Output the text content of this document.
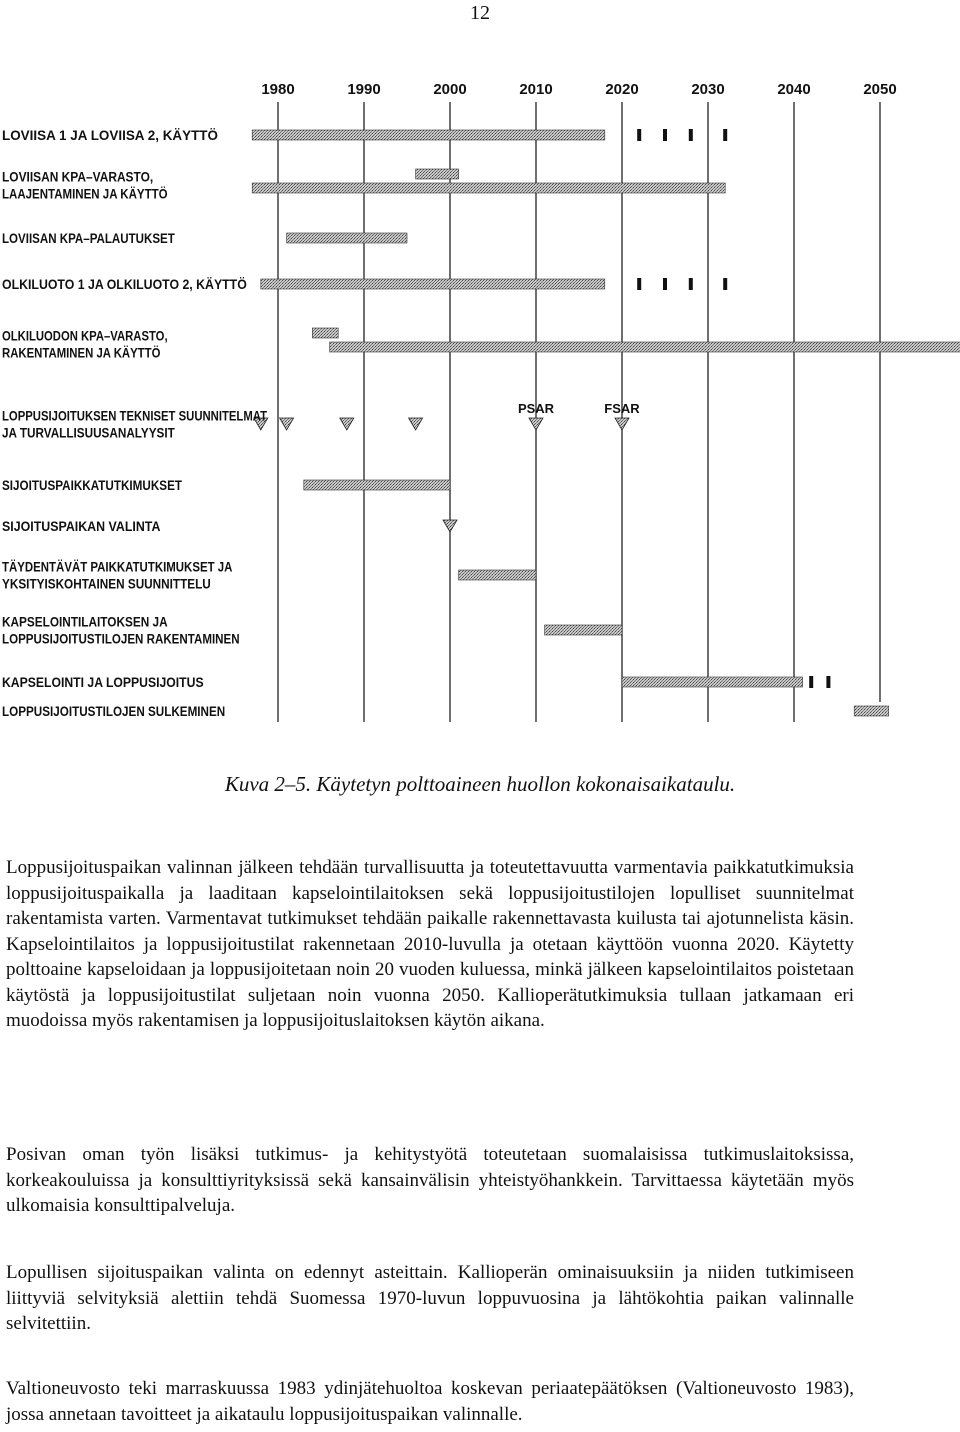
12
1980	1990	2000	2010	2020	2030	2040	2050
LOVIISA 1 JA LOVIISA 2, KÄYTTÖ
LOVIISAN KPA–VARASTO,
LAAJENTAMINEN JA KÄYTTÖ
LOVIISAN KPA–PALAUTUKSET
OLKILUOTO 1 JA OLKILUOTO 2, KÄYTTÖ
OLKILUODON KPA–VARASTO,
RAKENTAMINEN JA KÄYTTÖ
LOPPUSIJOITUKSEN TEKNISET SUUNNITELMAT
JA TURVALLISUUSANALYYSIT
PSAR	FSAR
SIJOITUSPAIKKATUTKIMUKSET
SIJOITUSPAIKAN VALINTA
TÄYDENTÄVÄT PAIKKATUTKIMUKSET JA
YKSITYISKOHTAINEN SUUNNITTELU
KAPSELOINTILAITOKSEN JA
LOPPUSIJOITUSTILOJEN RAKENTAMINEN
KAPSELOINTI JA LOPPUSIJOITUS
LOPPUSIJOITUSTILOJEN SULKEMINEN
Kuva 2–5. Käytetyn polttoaineen huollon kokonaisaikataulu.

Loppusijoituspaikan valinnan jälkeen tehdään turvallisuutta ja toteutettavuutta varmentavia paikkatutkimuksia loppusijoituspaikalla ja laaditaan kapselointilaitoksen sekä loppusijoitustilojen lopulliset suunnitelmat rakentamista varten. Varmentavat tutkimukset tehdään paikalle rakennettavasta kuilusta tai ajotunnelista käsin. Kapselointilaitos ja loppusijoitustilat rakennetaan 2010-luvulla ja otetaan käyttöön vuonna 2020. Käytetty polttoaine kapseloidaan ja loppusijoitetaan noin 20 vuoden kuluessa, minkä jälkeen kapselointilaitos poistetaan käytöstä ja loppusijoitustilat suljetaan noin vuonna 2050. Kallioperätutkimuksia tullaan jatkamaan eri muodoissa myös rakentamisen ja loppusijoituslaitoksen käytön aikana.

Posivan oman työn lisäksi tutkimus- ja kehitystyötä toteutetaan suomalaisissa tutkimuslaitoksissa, korkeakouluissa ja konsulttiyrityksissä sekä kansainvälisin yhteistyöhankkein. Tarvittaessa käytetään myös ulkomaisia konsulttipalveluja.

Lopullisen sijoituspaikan valinta on edennyt asteittain. Kallioperän ominaisuuksiin ja niiden tutkimiseen liittyviä selvityksiä alettiin tehdä Suomessa 1970-luvun loppuvuosina ja lähtökohtia paikan valinnalle selvitettiin.

Valtioneuvosto teki marraskuussa 1983 ydinjätehuoltoa koskevan periaatepäätöksen (Valtioneuvosto 1983), jossa annetaan tavoitteet ja aikataulu loppusijoituspaikan valinnalle.
